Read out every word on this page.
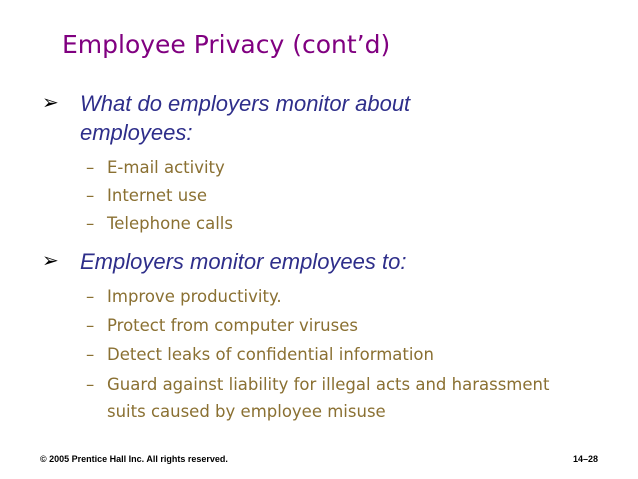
Employee Privacy (cont’d)
➢ What do employers monitor about employees:
– E-mail activity
– Internet use
– Telephone calls
➢ Employers monitor employees to:
– Improve productivity.
– Protect from computer viruses
– Detect leaks of confidential information
– Guard against liability for illegal acts and harassment suits caused by employee misuse
© 2005 Prentice Hall Inc. All rights reserved.	14–28
